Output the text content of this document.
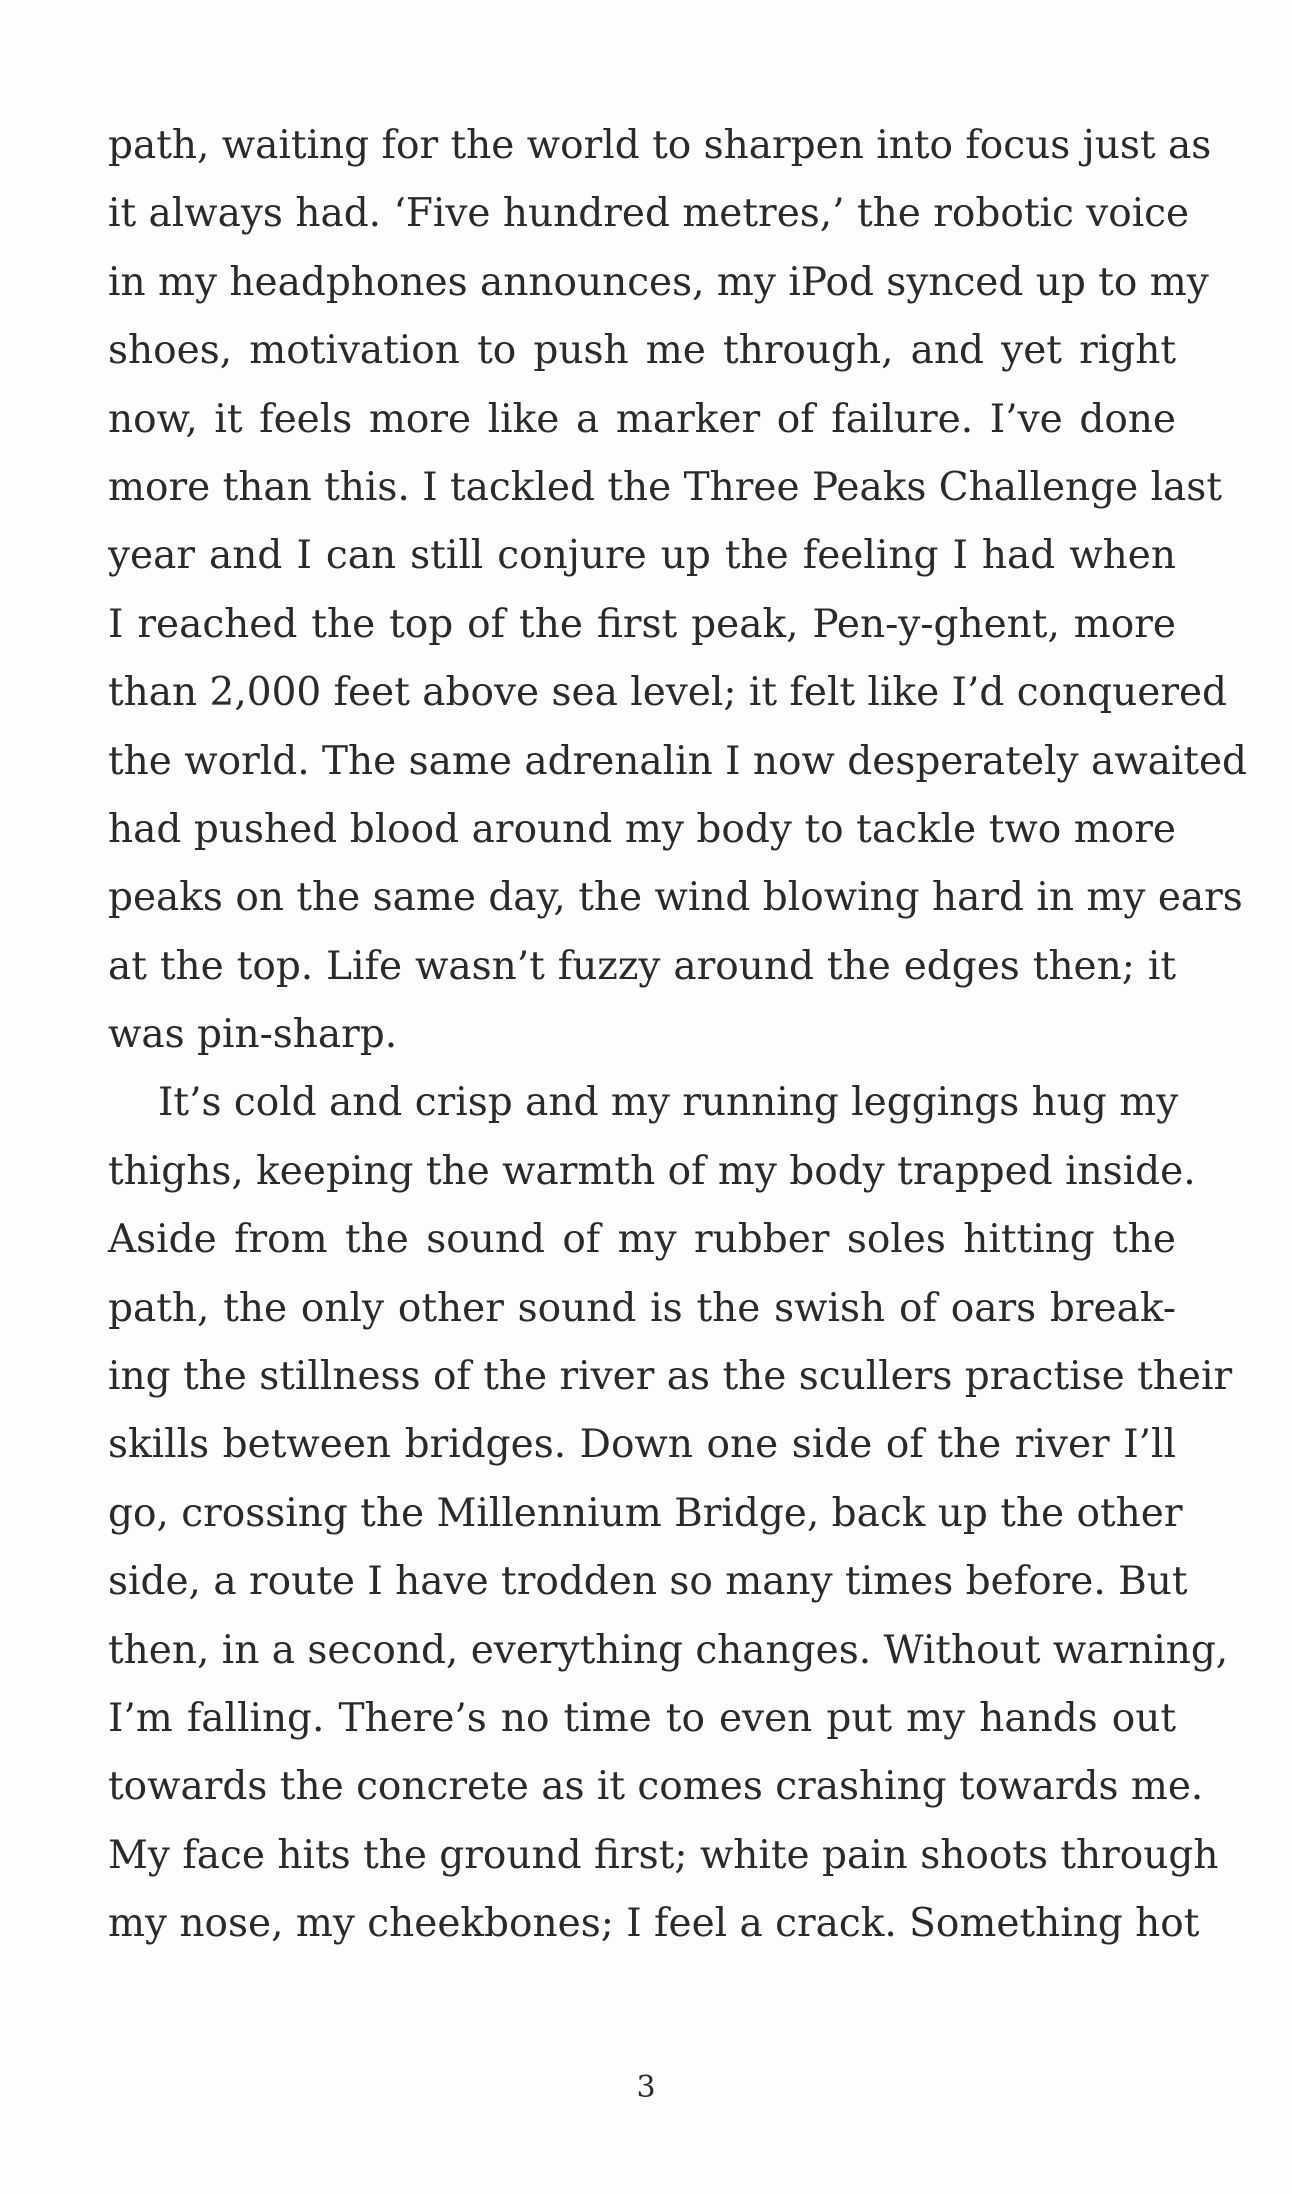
path, waiting for the world to sharpen into focus just as
it always had. ‘Five hundred metres,’ the robotic voice
in my headphones announces, my iPod synced up to my
shoes, motivation to push me through, and yet right
now, it feels more like a marker of failure. I’ve done
more than this. I tackled the Three Peaks Challenge last
year and I can still conjure up the feeling I had when
I reached the top of the first peak, Pen-y-ghent, more
than 2,000 feet above sea level; it felt like I’d conquered
the world. The same adrenalin I now desperately awaited
had pushed blood around my body to tackle two more
peaks on the same day, the wind blowing hard in my ears
at the top. Life wasn’t fuzzy around the edges then; it
was pin-sharp.
It’s cold and crisp and my running leggings hug my
thighs, keeping the warmth of my body trapped inside.
Aside from the sound of my rubber soles hitting the
path, the only other sound is the swish of oars break-
ing the stillness of the river as the scullers practise their
skills between bridges. Down one side of the river I’ll
go, crossing the Millennium Bridge, back up the other
side, a route I have trodden so many times before. But
then, in a second, everything changes. Without warning,
I’m falling. There’s no time to even put my hands out
towards the concrete as it comes crashing towards me.
My face hits the ground first; white pain shoots through
my nose, my cheekbones; I feel a crack. Something hot
3
